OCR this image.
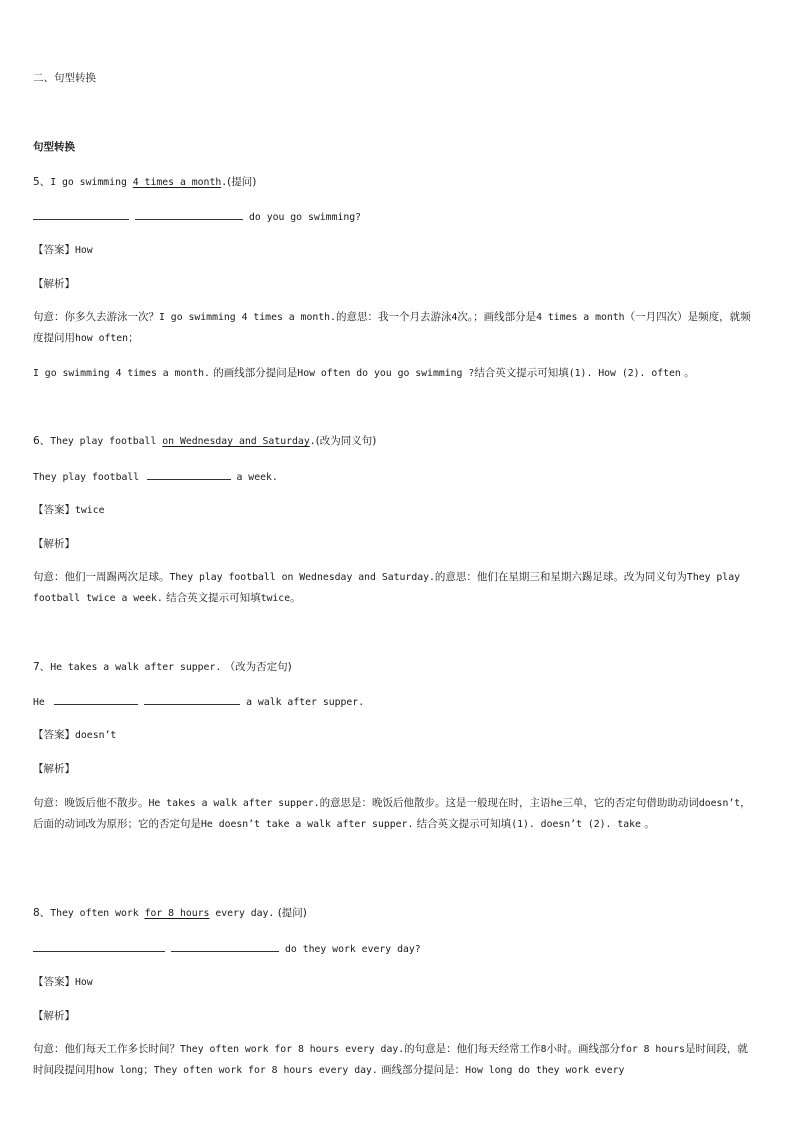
二、句型转换
句型转换
5、I go swimming 4 times a month.(提问)
do you go swimming?
【答案】How
【解析】
句意：你多久去游泳一次？I go swimming 4 times a month.的意思：我一个月去游泳4次。；画线部分是4 times a month（一月四次）是频度，就频度提问用how often；
I go swimming 4 times a month. 的画线部分提问是How often do you go swimming ?结合英文提示可知填(1). How (2). often 。
6、They play football on Wednesday and Saturday.(改为同义句)
They play football	a week.
【答案】twice
【解析】
句意：他们一周踢两次足球。They play football on Wednesday and Saturday.的意思：他们在星期三和星期六踢足球。改为同义句为They play football twice a week. 结合英文提示可知填twice。
7、He takes a walk after supper. （改为否定句)
He	a walk after supper.
【答案】doesn’t
【解析】
句意：晚饭后他不散步。He takes a walk after supper.的意思是：晚饭后他散步。这是一般现在时，主语he三单，它的否定句借助助动词doesn’t，后面的动词改为原形；它的否定句是He doesn’t take a walk after supper. 结合英文提示可知填(1). doesn’t (2). take 。
8、They often work for 8 hours every day. (提问)
do they work every day?
【答案】How
【解析】
句意：他们每天工作多长时间？They often work for 8 hours every day.的句意是：他们每天经常工作8小时。画线部分for 8 hours是时间段，就时间段提问用how long；They often work for 8 hours every day. 画线部分提问是：How long do they work every
